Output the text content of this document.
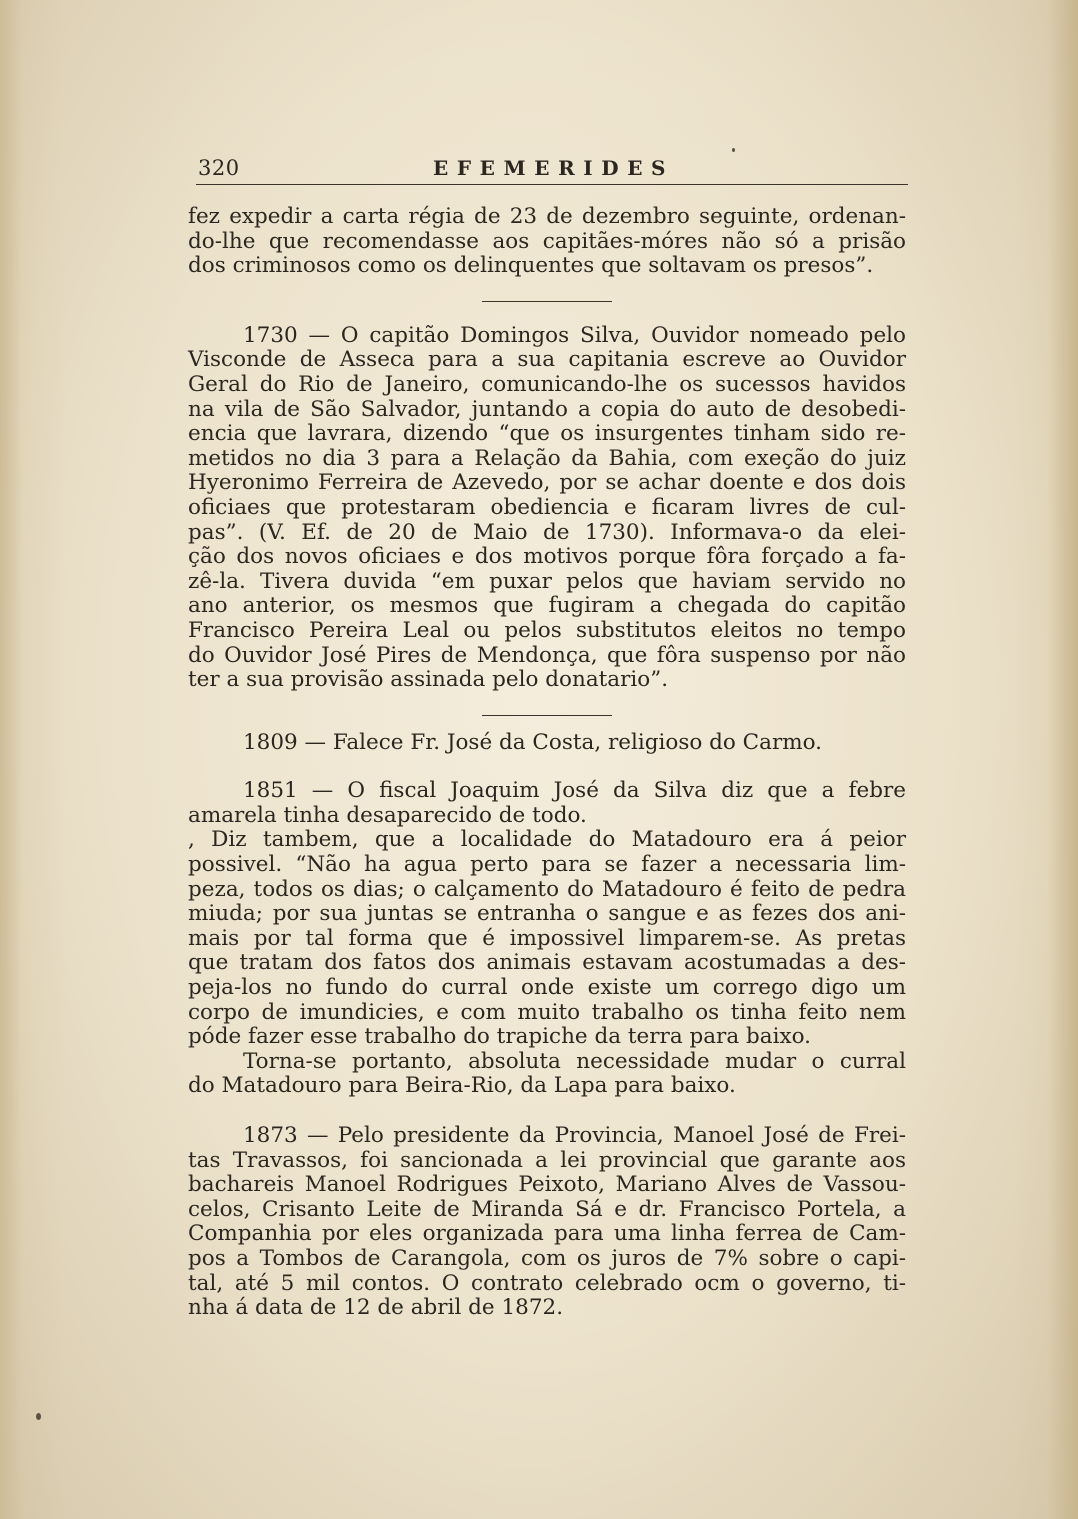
320	EFEMERIDES
fez expedir a carta régia de 23 de dezembro seguinte, ordenan-
do-lhe que recomendasse aos capitães-móres não só a prisão
dos criminosos como os delinquentes que soltavam os presos”.
1730 — O capitão Domingos Silva, Ouvidor nomeado pelo
Visconde de Asseca para a sua capitania escreve ao Ouvidor
Geral do Rio de Janeiro, comunicando-lhe os sucessos havidos
na vila de São Salvador, juntando a copia do auto de desobedi-
encia que lavrara, dizendo “que os insurgentes tinham sido re-
metidos no dia 3 para a Relação da Bahia, com exeção do juiz
Hyeronimo Ferreira de Azevedo, por se achar doente e dos dois
oficiaes que protestaram obediencia e ficaram livres de cul-
pas”. (V. Ef. de 20 de Maio de 1730). Informava-o da elei-
ção dos novos oficiaes e dos motivos porque fôra forçado a fa-
zê-la. Tivera duvida “em puxar pelos que haviam servido no
ano anterior, os mesmos que fugiram a chegada do capitão
Francisco Pereira Leal ou pelos substitutos eleitos no tempo
do Ouvidor José Pires de Mendonça, que fôra suspenso por não
ter a sua provisão assinada pelo donatario”.
1809 — Falece Fr. José da Costa, religioso do Carmo.
1851 — O fiscal Joaquim José da Silva diz que a febre
amarela tinha desaparecido de todo.
, Diz tambem, que a localidade do Matadouro era á peior
possivel. “Não ha agua perto para se fazer a necessaria lim-
peza, todos os dias; o calçamento do Matadouro é feito de pedra
miuda; por sua juntas se entranha o sangue e as fezes dos ani-
mais por tal forma que é impossivel limparem-se. As pretas
que tratam dos fatos dos animais estavam acostumadas a des-
peja-los no fundo do curral onde existe um corrego digo um
corpo de imundicies, e com muito trabalho os tinha feito nem
póde fazer esse trabalho do trapiche da terra para baixo.
Torna-se portanto, absoluta necessidade mudar o curral
do Matadouro para Beira-Rio, da Lapa para baixo.
1873 — Pelo presidente da Provincia, Manoel José de Frei-
tas Travassos, foi sancionada a lei provincial que garante aos
bachareis Manoel Rodrigues Peixoto, Mariano Alves de Vassou-
celos, Crisanto Leite de Miranda Sá e dr. Francisco Portela, a
Companhia por eles organizada para uma linha ferrea de Cam-
pos a Tombos de Carangola, com os juros de 7% sobre o capi-
tal, até 5 mil contos. O contrato celebrado ocm o governo, ti-
nha á data de 12 de abril de 1872.
